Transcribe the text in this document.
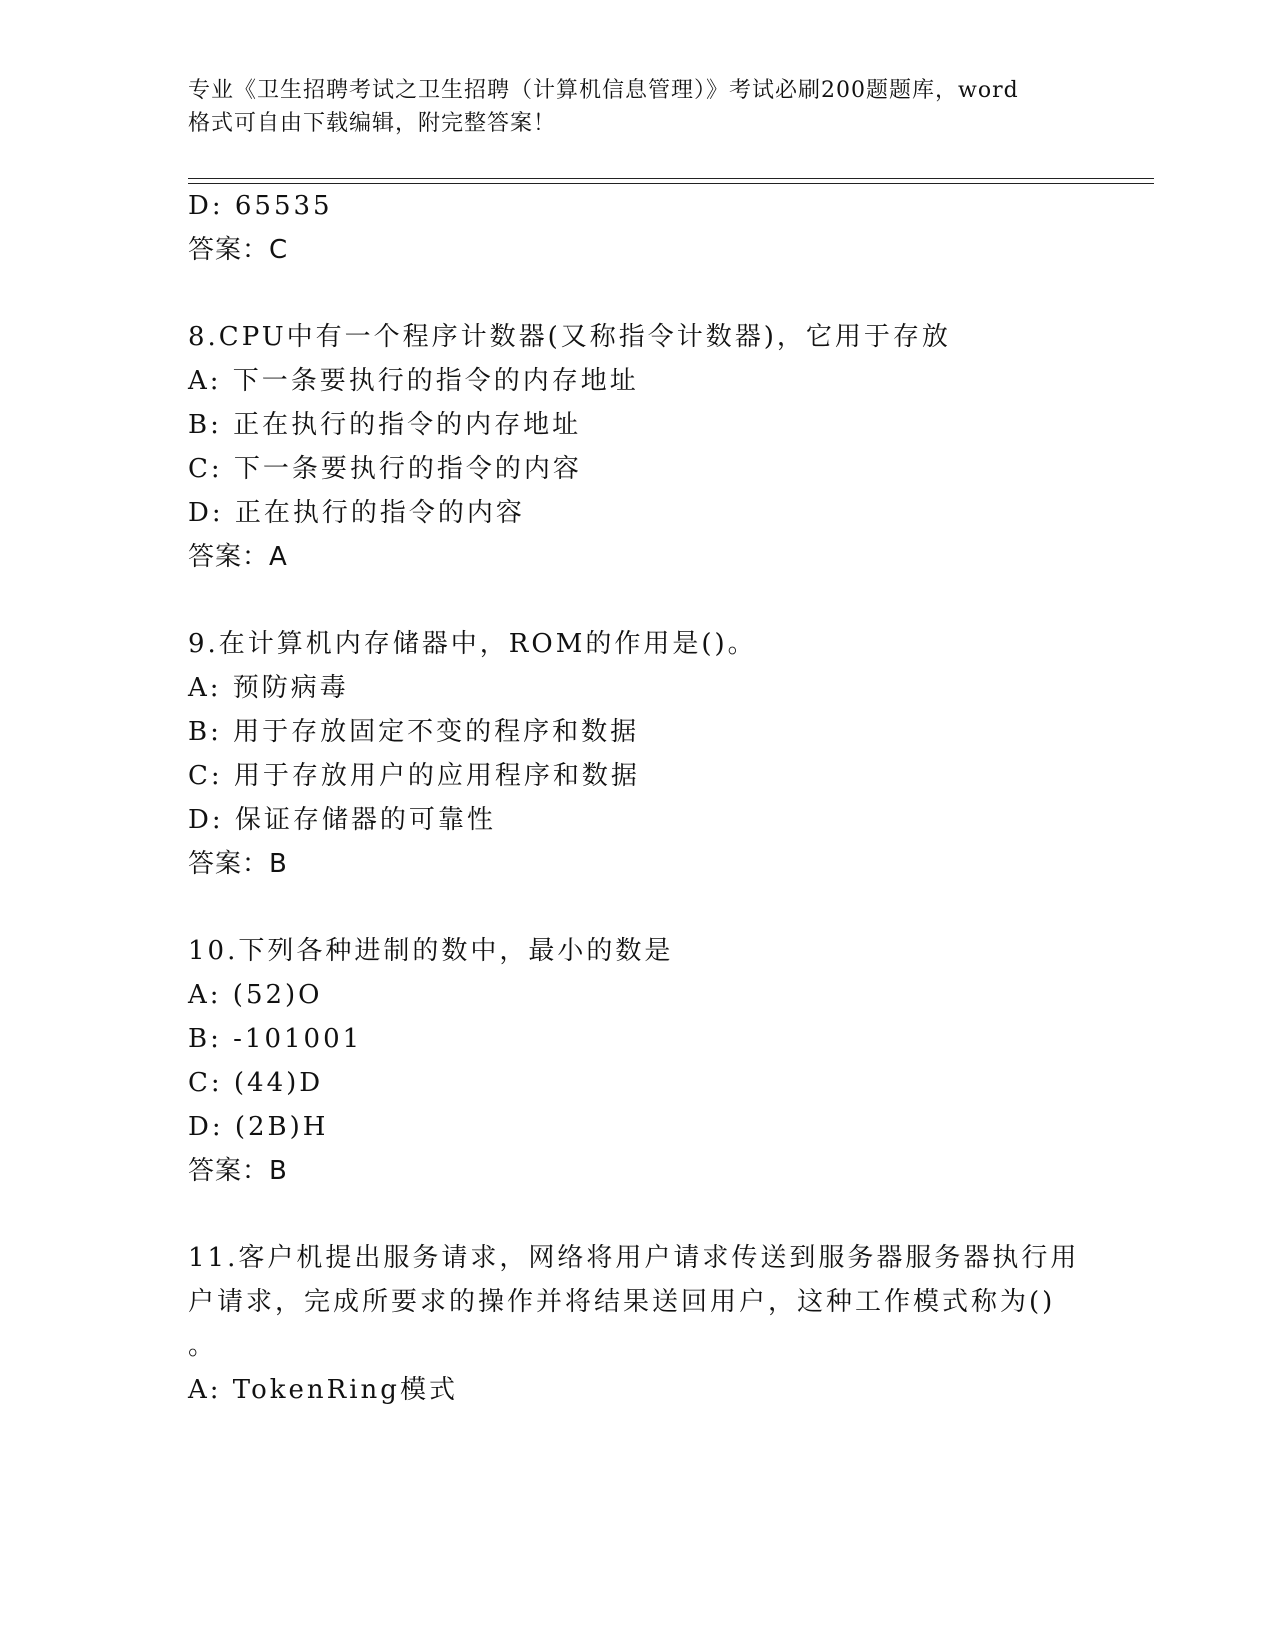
专业《卫生招聘考试之卫生招聘（计算机信息管理）》考试必刷200题题库，word
格式可自由下载编辑，附完整答案！
D: 65535
答案：C
8.CPU中有一个程序计数器(又称指令计数器)，它用于存放
A: 下一条要执行的指令的内存地址
B: 正在执行的指令的内存地址
C: 下一条要执行的指令的内容
D: 正在执行的指令的内容
答案：A
9.在计算机内存储器中，ROM的作用是()。
A: 预防病毒
B: 用于存放固定不变的程序和数据
C: 用于存放用户的应用程序和数据
D: 保证存储器的可靠性
答案：B
10.下列各种进制的数中，最小的数是
A: (52)O
B: -101001
C: (44)D
D: (2B)H
答案：B
11.客户机提出服务请求，网络将用户请求传送到服务器服务器执行用
户请求，完成所要求的操作并将结果送回用户，这种工作模式称为()
。
A: TokenRing模式
